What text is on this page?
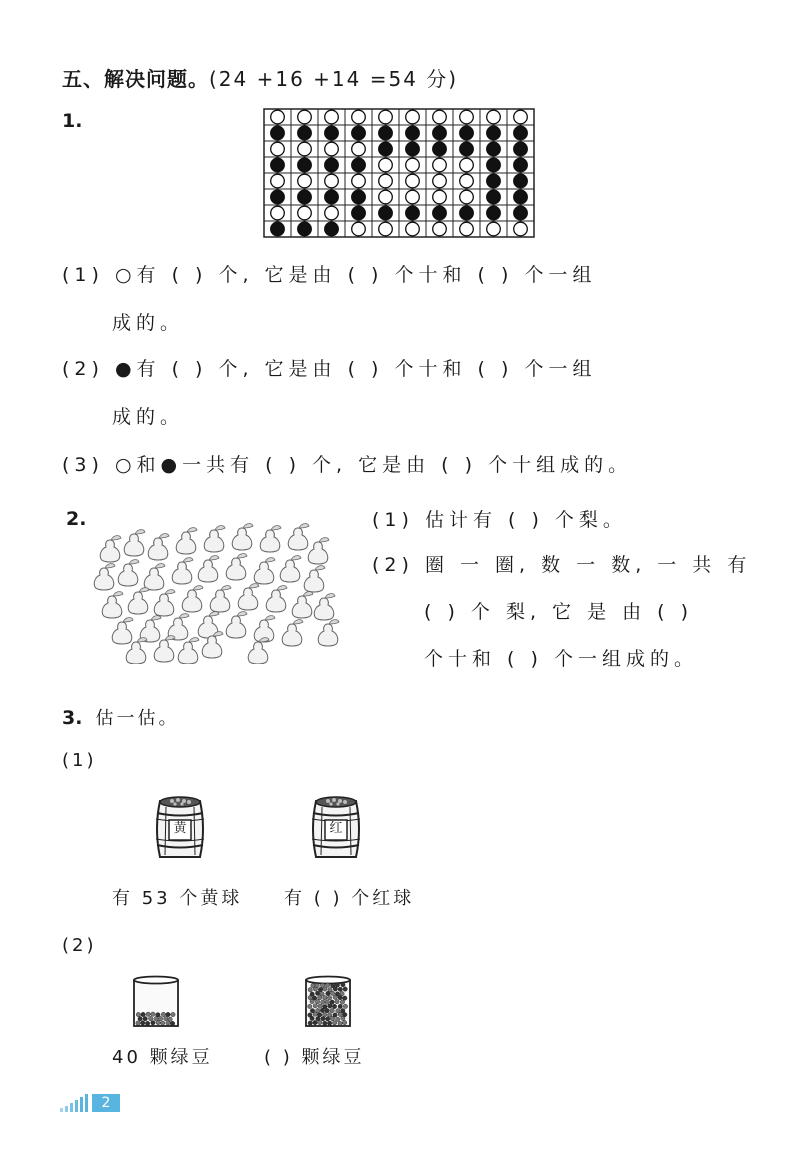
五、解决问题。(24 +16 +14 =54 分)
1.
(1) ○有 ( ) 个, 它是由 ( ) 个十和 ( ) 个一组
成的。
(2) ●有 ( ) 个, 它是由 ( ) 个十和 ( ) 个一组
成的。
(3) ○和●一共有 ( ) 个, 它是由 ( ) 个十组成的。
2.	(1) 估计有 ( ) 个梨。
(2) 圈 一 圈, 数 一 数, 一 共 有
( ) 个 梨, 它 是 由 ( )
个十和 ( ) 个一组成的。
3. 估一估。
(1)
黄	红
有 53 个黄球 有 ( ) 个红球
(2)
40 颗绿豆	( ) 颗绿豆
2
